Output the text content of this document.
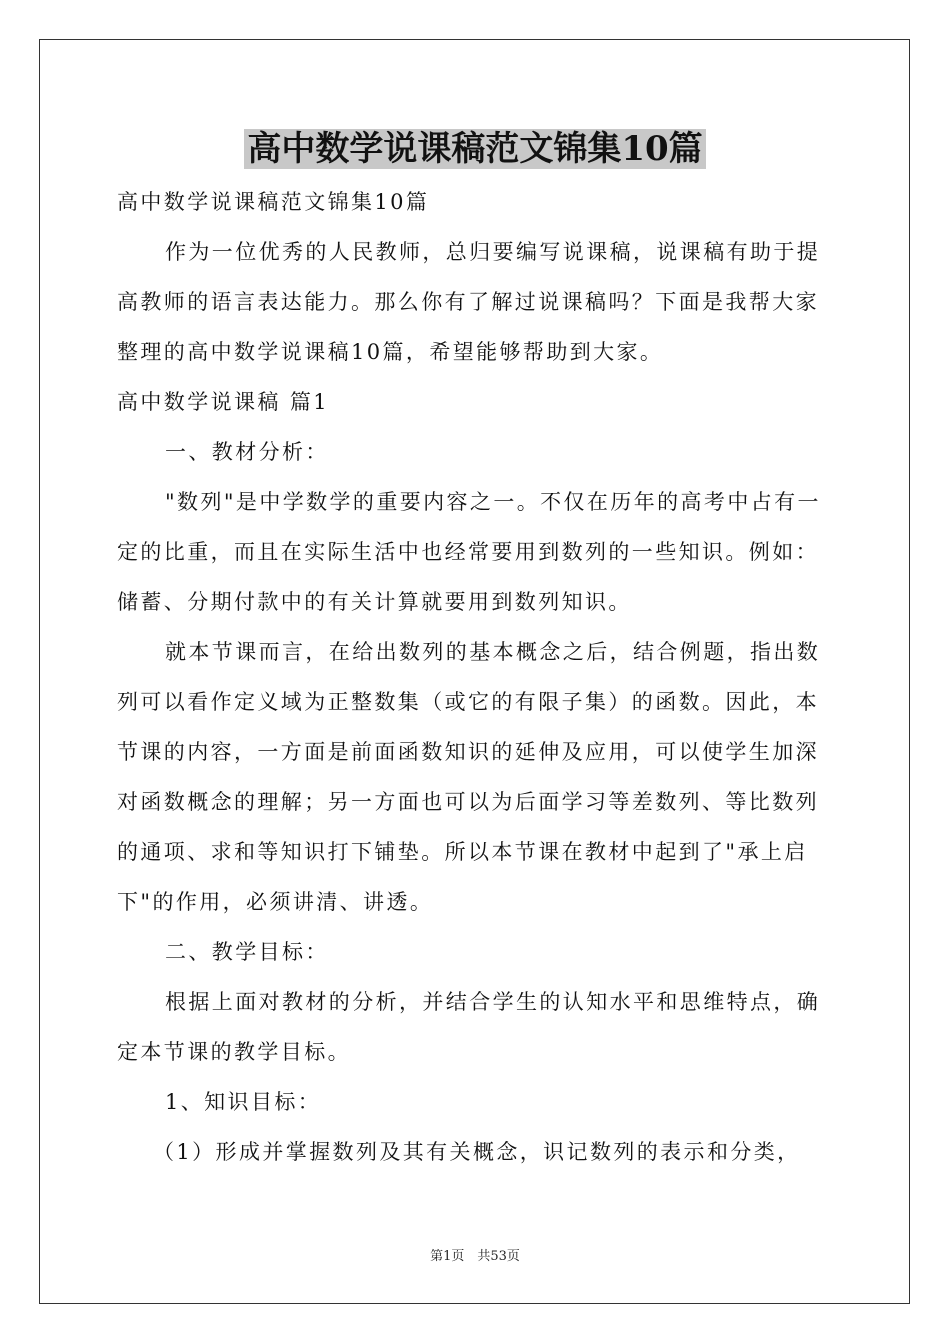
高中数学说课稿范文锦集10篇
高中数学说课稿范文锦集10篇
作为一位优秀的人民教师，总归要编写说课稿，说课稿有助于提
高教师的语言表达能力。那么你有了解过说课稿吗？下面是我帮大家
整理的高中数学说课稿10篇，希望能够帮助到大家。
高中数学说课稿 篇1
一、教材分析：
"数列"是中学数学的重要内容之一。不仅在历年的高考中占有一
定的比重，而且在实际生活中也经常要用到数列的一些知识。例如：
储蓄、分期付款中的有关计算就要用到数列知识。
就本节课而言，在给出数列的基本概念之后，结合例题，指出数
列可以看作定义域为正整数集（或它的有限子集）的函数。因此，本
节课的内容，一方面是前面函数知识的延伸及应用，可以使学生加深
对函数概念的理解；另一方面也可以为后面学习等差数列、等比数列
的通项、求和等知识打下铺垫。所以本节课在教材中起到了"承上启
下"的作用，必须讲清、讲透。
二、教学目标：
根据上面对教材的分析，并结合学生的认知水平和思维特点，确
定本节课的教学目标。
1、知识目标：
（1）形成并掌握数列及其有关概念，识记数列的表示和分类，
第1页　共53页
